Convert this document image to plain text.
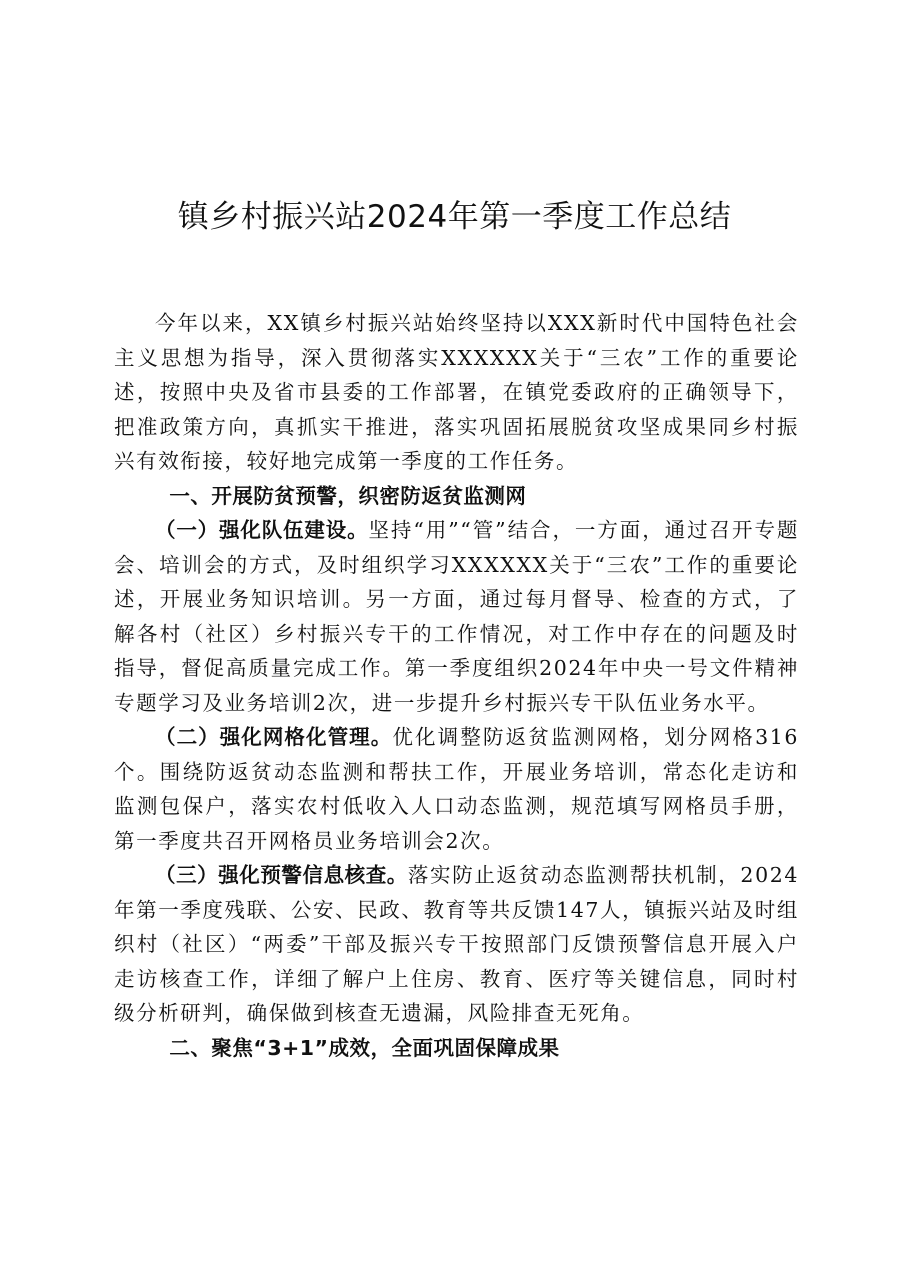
镇乡村振兴站2024年第一季度工作总结

今年以来，XX镇乡村振兴站始终坚持以XXX新时代中国特色社会主义思想为指导，深入贯彻落实XXXXXX关于“三农”工作的重要论述，按照中央及省市县委的工作部署，在镇党委政府的正确领导下，把准政策方向，真抓实干推进，落实巩固拓展脱贫攻坚成果同乡村振兴有效衔接，较好地完成第一季度的工作任务。

一、开展防贫预警，织密防返贫监测网

（一）强化队伍建设。坚持“用”“管”结合，一方面，通过召开专题会、培训会的方式，及时组织学习XXXXXX关于“三农”工作的重要论述，开展业务知识培训。另一方面，通过每月督导、检查的方式，了解各村（社区）乡村振兴专干的工作情况，对工作中存在的问题及时指导，督促高质量完成工作。第一季度组织2024年中央一号文件精神专题学习及业务培训2次，进一步提升乡村振兴专干队伍业务水平。

（二）强化网格化管理。优化调整防返贫监测网格，划分网格316个。围绕防返贫动态监测和帮扶工作，开展业务培训，常态化走访和监测包保户，落实农村低收入人口动态监测，规范填写网格员手册，第一季度共召开网格员业务培训会2次。

（三）强化预警信息核查。落实防止返贫动态监测帮扶机制，2024年第一季度残联、公安、民政、教育等共反馈147人，镇振兴站及时组织村（社区）“两委”干部及振兴专干按照部门反馈预警信息开展入户走访核查工作，详细了解户上住房、教育、医疗等关键信息，同时村级分析研判，确保做到核查无遗漏，风险排查无死角。

二、聚焦“3+1”成效，全面巩固保障成果
